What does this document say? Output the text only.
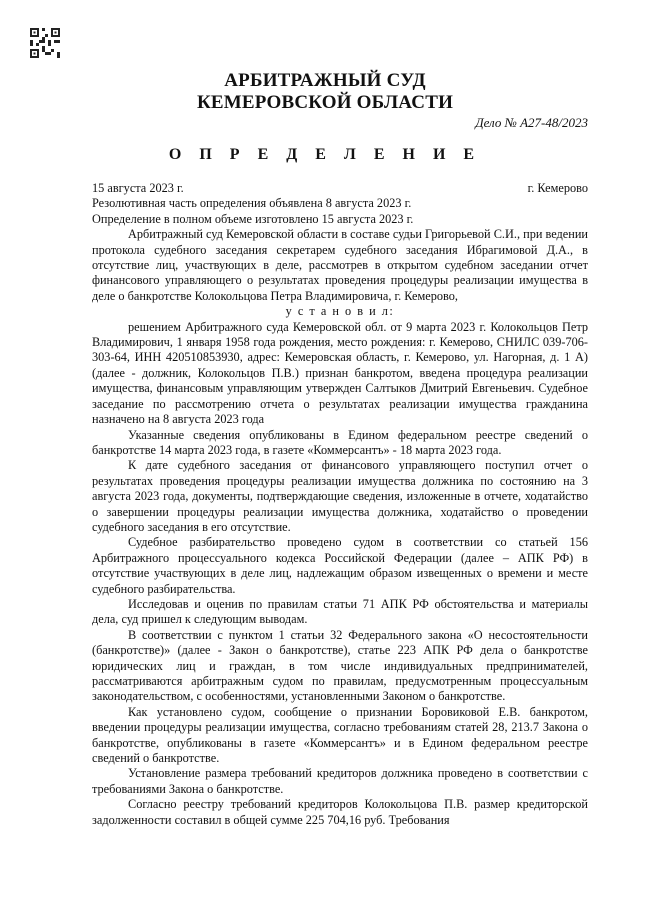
АРБИТРАЖНЫЙ СУД
КЕМЕРОВСКОЙ ОБЛАСТИ
Дело № А27-48/2023
О П Р Е Д Е Л Е Н И Е
15 августа 2023 г.	г. Кемерово

Резолютивная часть определения объявлена 8 августа 2023 г.

Определение в полном объеме изготовлено 15 августа 2023 г.

Арбитражный суд Кемеровской области в составе судьи Григорьевой С.И., при ведении протокола судебного заседания секретарем судебного заседания Ибрагимовой Д.А., в отсутствие лиц, участвующих в деле, рассмотрев в открытом судебном заседании отчет финансового управляющего о результатах проведения процедуры реализации имущества в деле о банкротстве Колокольцова Петра Владимировича, г. Кемерово,

у с т а н о в и л:

решением Арбитражного суда Кемеровской обл. от 9 марта 2023 г. Колокольцов Петр Владимирович, 1 января 1958 года рождения, место рождения: г. Кемерово, СНИЛС 039-706-303-64, ИНН 420510853930, адрес: Кемеровская область, г. Кемерово, ул. Нагорная, д. 1 А) (далее - должник, Колокольцов П.В.) признан банкротом, введена процедура реализации имущества, финансовым управляющим утвержден Салтыков Дмитрий Евгеньевич. Судебное заседание по рассмотрению отчета о результатах реализации имущества гражданина назначено на 8 августа 2023 года

Указанные сведения опубликованы в Едином федеральном реестре сведений о банкротстве 14 марта 2023 года, в газете «Коммерсантъ» - 18 марта 2023 года.

К дате судебного заседания от финансового управляющего поступил отчет о результатах проведения процедуры реализации имущества должника по состоянию на 3 августа 2023 года, документы, подтверждающие сведения, изложенные в отчете, ходатайство о завершении процедуры реализации имущества должника, ходатайство о проведении судебного заседания в его отсутствие.

Судебное разбирательство проведено судом в соответствии со статьей 156 Арбитражного процессуального кодекса Российской Федерации (далее – АПК РФ) в отсутствие участвующих в деле лиц, надлежащим образом извещенных о времени и месте судебного разбирательства.

Исследовав и оценив по правилам статьи 71 АПК РФ обстоятельства и материалы дела, суд пришел к следующим выводам.

В соответствии с пунктом 1 статьи 32 Федерального закона «О несостоятельности (банкротстве)» (далее - Закон о банкротстве), статье 223 АПК РФ дела о банкротстве юридических лиц и граждан, в том числе индивидуальных предпринимателей, рассматриваются арбитражным судом по правилам, предусмотренным процессуальным законодательством, с особенностями, установленными Законом о банкротстве.

Как установлено судом, сообщение о признании Боровиковой Е.В. банкротом, введении процедуры реализации имущества, согласно требованиям статей 28, 213.7 Закона о банкротстве, опубликованы в газете «Коммерсантъ» и в Едином федеральном реестре сведений о банкротстве.

Установление размера требований кредиторов должника проведено в соответствии с требованиями Закона о банкротстве.

Согласно реестру требований кредиторов Колокольцова П.В. размер кредиторской задолженности составил в общей сумме 225 704,16 руб. Требования
